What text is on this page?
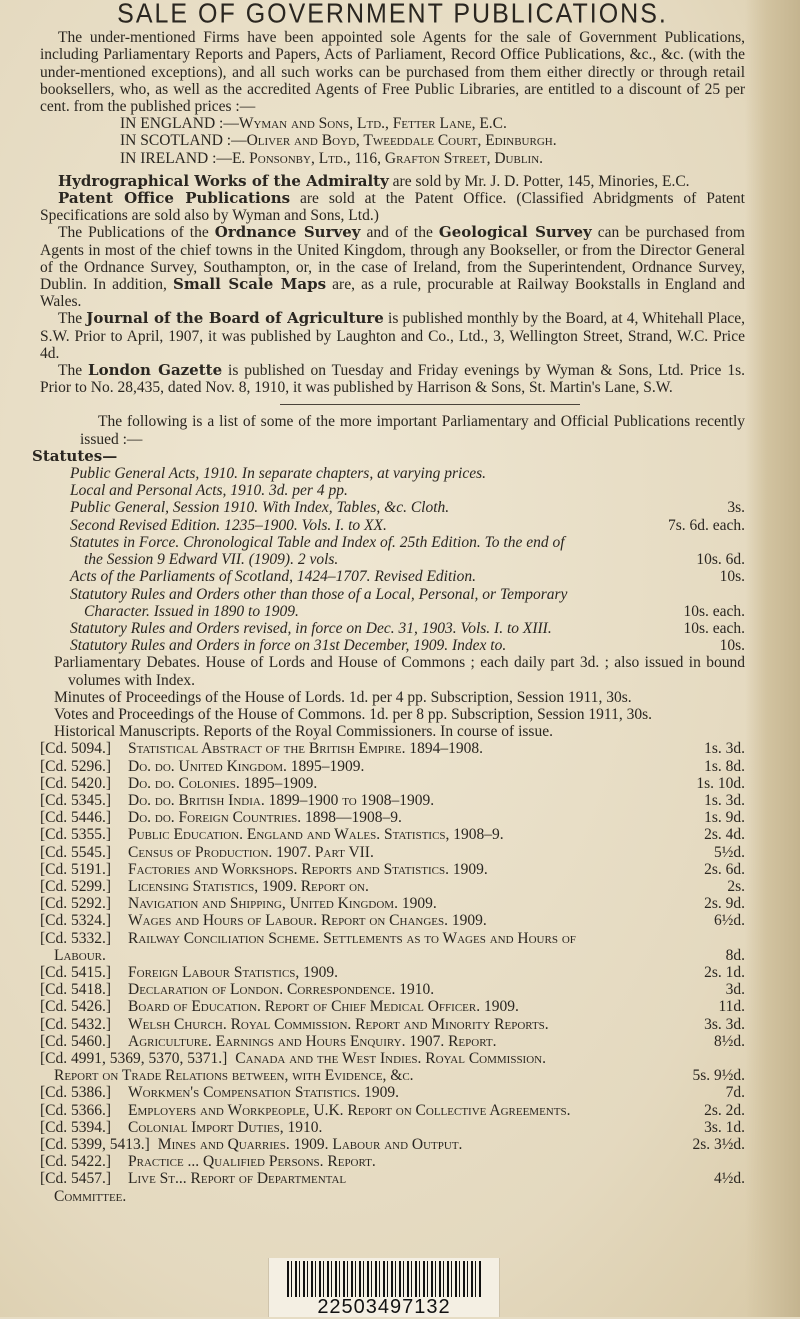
SALE OF GOVERNMENT PUBLICATIONS.

The under-mentioned Firms have been appointed sole Agents for the sale of Government Publications, including Parliamentary Reports and Papers, Acts of Parliament, Record Office Publications, &c., &c. (with the under-mentioned exceptions), and all such works can be purchased from them either directly or through retail booksellers, who, as well as the accredited Agents of Free Public Libraries, are entitled to a discount of 25 per cent. from the published prices :—

IN ENGLAND :—Wyman and Sons, Ltd., Fetter Lane, E.C.

IN SCOTLAND :—Oliver and Boyd, Tweeddale Court, Edinburgh.

IN IRELAND :—E. Ponsonby, Ltd., 116, Grafton Street, Dublin.

Hydrographical Works of the Admiralty are sold by Mr. J. D. Potter, 145, Minories, E.C.

Patent Office Publications are sold at the Patent Office. (Classified Abridgments of Patent Specifications are sold also by Wyman and Sons, Ltd.)

The Publications of the Ordnance Survey and of the Geological Survey can be purchased from Agents in most of the chief towns in the United Kingdom, through any Bookseller, or from the Director General of the Ordnance Survey, Southampton, or, in the case of Ireland, from the Superintendent, Ordnance Survey, Dublin. In addition, Small Scale Maps are, as a rule, procurable at Railway Bookstalls in England and Wales.

The Journal of the Board of Agriculture is published monthly by the Board, at 4, Whitehall Place, S.W. Prior to April, 1907, it was published by Laughton and Co., Ltd., 3, Wellington Street, Strand, W.C. Price 4d.

The London Gazette is published on Tuesday and Friday evenings by Wyman & Sons, Ltd. Price 1s. Prior to No. 28,435, dated Nov. 8, 1910, it was published by Harrison & Sons, St. Martin's Lane, S.W.

The following is a list of some of the more important Parliamentary and Official Publications recently issued :—

Statutes—

Public General Acts, 1910. In separate chapters, at varying prices.
Local and Personal Acts, 1910. 3d. per 4 pp.
Public General, Session 1910. With Index, Tables, &c. Cloth.	3s.
Second Revised Edition. 1235–1900. Vols. I. to XX.	7s. 6d. each.
Statutes in Force. Chronological Table and Index of. 25th Edition. To the end of
the Session 9 Edward VII. (1909). 2 vols.	10s. 6d.
Acts of the Parliaments of Scotland, 1424–1707. Revised Edition.	10s.
Statutory Rules and Orders other than those of a Local, Personal, or Temporary
Character. Issued in 1890 to 1909.	10s. each.
Statutory Rules and Orders revised, in force on Dec. 31, 1903. Vols. I. to XIII.	10s. each.
Statutory Rules and Orders in force on 31st December, 1909. Index to.	10s.

Parliamentary Debates. House of Lords and House of Commons ; each daily part 3d. ; also issued in bound volumes with Index.

Minutes of Proceedings of the House of Lords. 1d. per 4 pp. Subscription, Session 1911, 30s.

Votes and Proceedings of the House of Commons. 1d. per 8 pp. Subscription, Session 1911, 30s.

Historical Manuscripts. Reports of the Royal Commissioners. In course of issue.

[Cd. 5094.]	Statistical Abstract of the British Empire. 1894–1908.	1s. 3d.
[Cd. 5296.]	Do. do. United Kingdom. 1895–1909.	1s. 8d.
[Cd. 5420.]	Do. do. Colonies. 1895–1909.	1s. 10d.
[Cd. 5345.]	Do. do. British India. 1899–1900 to 1908–1909.	1s. 3d.
[Cd. 5446.]	Do. do. Foreign Countries. 1898—1908–9.	1s. 9d.
[Cd. 5355.]	Public Education. England and Wales. Statistics, 1908–9.	2s. 4d.
[Cd. 5545.]	Census of Production. 1907. Part VII.	5½d.
[Cd. 5191.]	Factories and Workshops. Reports and Statistics. 1909.	2s. 6d.
[Cd. 5299.]	Licensing Statistics, 1909. Report on.	2s.
[Cd. 5292.]	Navigation and Shipping, United Kingdom. 1909.	2s. 9d.
[Cd. 5324.]	Wages and Hours of Labour. Report on Changes. 1909.	6½d.
[Cd. 5332.]	Railway Conciliation Scheme. Settlements as to Wages and Hours of
Labour.	8d.
[Cd. 5415.]	Foreign Labour Statistics, 1909.	2s. 1d.
[Cd. 5418.]	Declaration of London. Correspondence. 1910.	3d.
[Cd. 5426.]	Board of Education. Report of Chief Medical Officer. 1909.	11d.
[Cd. 5432.]	Welsh Church. Royal Commission. Report and Minority Reports.	3s. 3d.
[Cd. 5460.]	Agriculture. Earnings and Hours Enquiry. 1907. Report.	8½d.
[Cd. 4991, 5369, 5370, 5371.] Canada and the West Indies. Royal Commission.
Report on Trade Relations between, with Evidence, &c.	5s. 9½d.
[Cd. 5386.]	Workmen's Compensation Statistics. 1909.	7d.
[Cd. 5366.]	Employers and Workpeople, U.K. Report on Collective Agreements.	2s. 2d.
[Cd. 5394.]	Colonial Import Duties, 1910.	3s. 1d.
[Cd. 5399, 5413.] Mines and Quarries. 1909. Labour and Output.	2s. 3½d.
[Cd. 5422.]	Practice ... Qualified Persons. Report.
[Cd. 5457.]	Live St... Report of Departmental	4½d.
Committee.
22503497132
